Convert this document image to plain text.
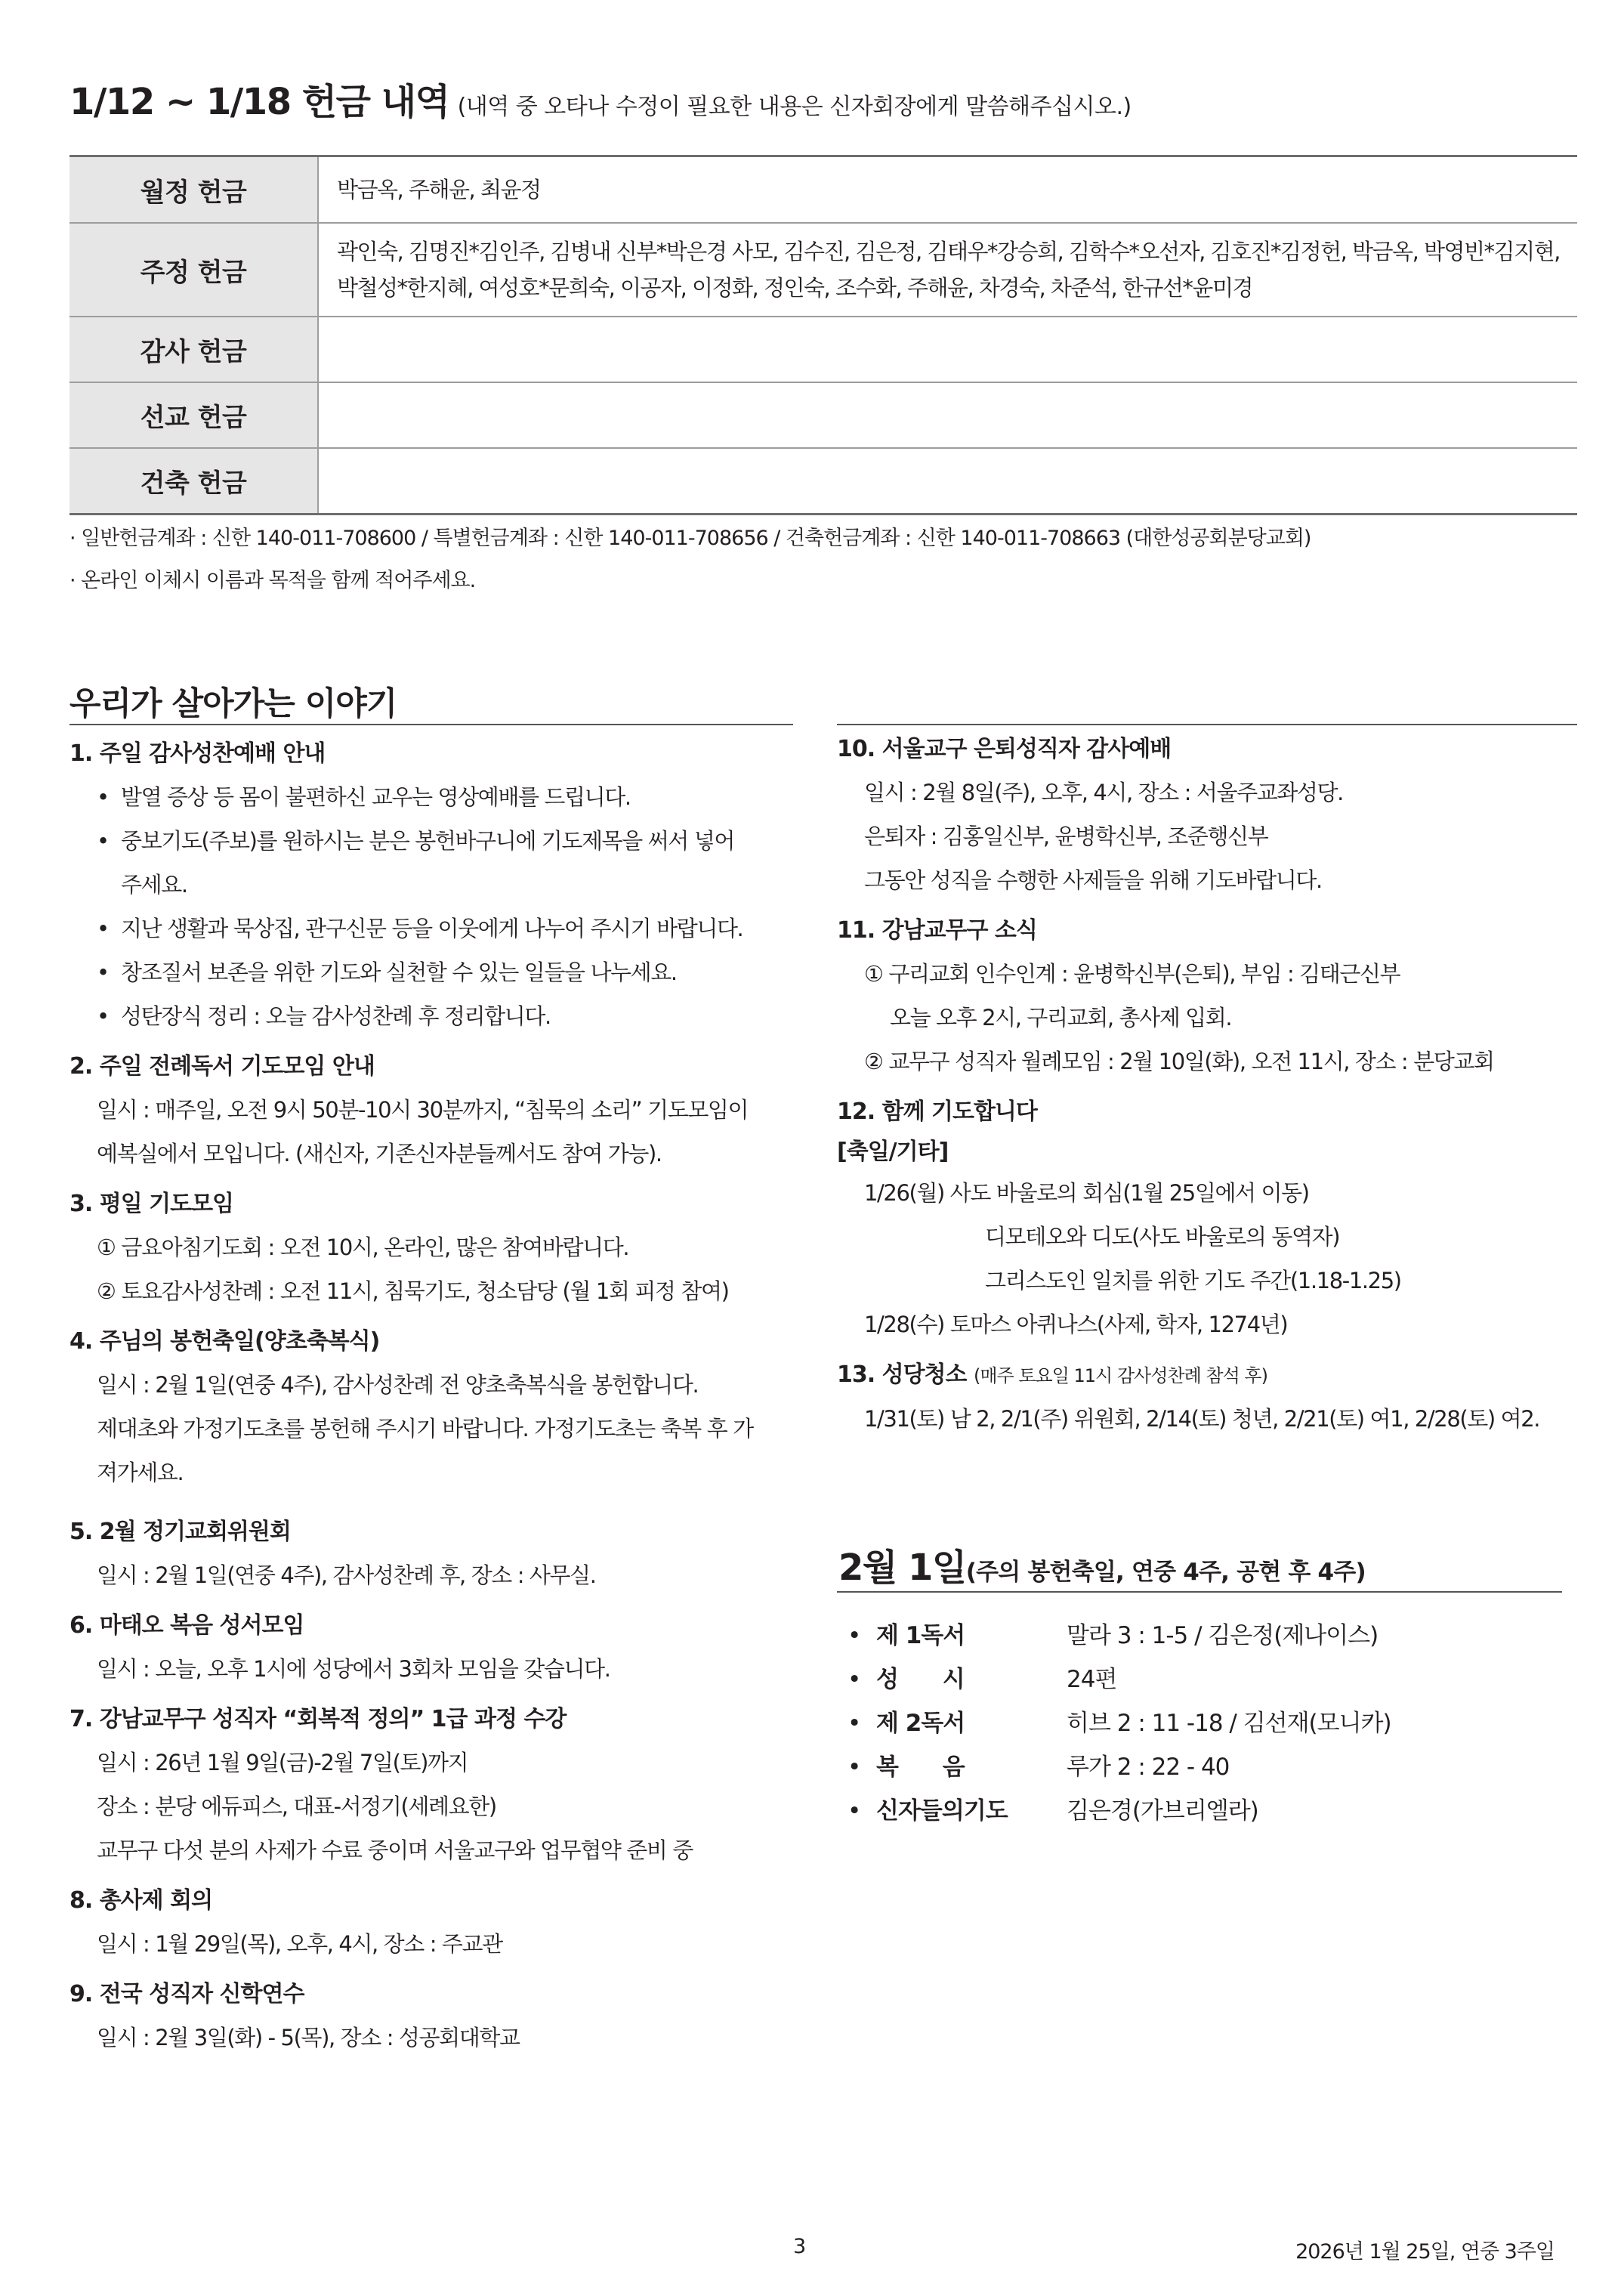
1/12 ~ 1/18 헌금 내역 (내역 중 오타나 수정이 필요한 내용은 신자회장에게 말씀해주십시오.)
월정 헌금	박금옥, 주해윤, 최윤정

주정 헌금	곽인숙, 김명진*김인주, 김병내 신부*박은경 사모, 김수진, 김은정, 김태우*강승희, 김학수*오선자, 김호진*김정헌, 박금옥, 박영빈*김지현,
박철성*한지혜, 여성호*문희숙, 이공자, 이정화, 정인숙, 조수화, 주해윤, 차경숙, 차준석, 한규선*윤미경

감사 헌금	
선교 헌금	
건축 헌금	
· 일반헌금계좌 : 신한 140-011-708600 / 특별헌금계좌 : 신한 140-011-708656 / 건축헌금계좌 : 신한 140-011-708663 (대한성공회분당교회)
· 온라인 이체시 이름과 목적을 함께 적어주세요.
우리가 살아가는 이야기
1. 주일 감사성찬예배 안내
• 발열 증상 등 몸이 불편하신 교우는 영상예배를 드립니다.
• 중보기도(주보)를 원하시는 분은 봉헌바구니에 기도제목을 써서 넣어
주세요.
• 지난 생활과 묵상집, 관구신문 등을 이웃에게 나누어 주시기 바랍니다.
• 창조질서 보존을 위한 기도와 실천할 수 있는 일들을 나누세요.
• 성탄장식 정리 : 오늘 감사성찬례 후 정리합니다.
2. 주일 전례독서 기도모임 안내
일시 : 매주일, 오전 9시 50분-10시 30분까지, “침묵의 소리” 기도모임이
예복실에서 모입니다. (새신자, 기존신자분들께서도 참여 가능).
3. 평일 기도모임
① 금요아침기도회 : 오전 10시, 온라인, 많은 참여바랍니다.
② 토요감사성찬례 : 오전 11시, 침묵기도, 청소담당 (월 1회 피정 참여)
4. 주님의 봉헌축일(양초축복식)
일시 : 2월 1일(연중 4주), 감사성찬례 전 양초축복식을 봉헌합니다.
제대초와 가정기도초를 봉헌해 주시기 바랍니다. 가정기도초는 축복 후 가
져가세요.
5. 2월 정기교회위원회
일시 : 2월 1일(연중 4주), 감사성찬례 후, 장소 : 사무실.
6. 마태오 복음 성서모임
일시 : 오늘, 오후 1시에 성당에서 3회차 모임을 갖습니다.
7. 강남교무구 성직자 “회복적 정의” 1급 과정 수강
일시 : 26년 1월 9일(금)-2월 7일(토)까지
장소 : 분당 에듀피스, 대표-서정기(세례요한)
교무구 다섯 분의 사제가 수료 중이며 서울교구와 업무협약 준비 중
8. 총사제 회의
일시 : 1월 29일(목), 오후, 4시, 장소 : 주교관
9. 전국 성직자 신학연수
일시 : 2월 3일(화) - 5(목), 장소 : 성공회대학교
10. 서울교구 은퇴성직자 감사예배
일시 : 2월 8일(주), 오후, 4시, 장소 : 서울주교좌성당.
은퇴자 : 김홍일신부, 윤병학신부, 조준행신부
그동안 성직을 수행한 사제들을 위해 기도바랍니다.
11. 강남교무구 소식
① 구리교회 인수인계 : 윤병학신부(은퇴), 부임 : 김태근신부
오늘 오후 2시, 구리교회, 총사제 입회.
② 교무구 성직자 월례모임 : 2월 10일(화), 오전 11시, 장소 : 분당교회
12. 함께 기도합니다
[축일/기타]
1/26(월) 사도 바울로의 회심(1월 25일에서 이동)
디모테오와 디도(사도 바울로의 동역자)
그리스도인 일치를 위한 기도 주간(1.18-1.25)
1/28(수) 토마스 아퀴나스(사제, 학자, 1274년)
13. 성당청소 (매주 토요일 11시 감사성찬례 참석 후)
1/31(토) 남 2, 2/1(주) 위원회, 2/14(토) 청년, 2/21(토) 여1, 2/28(토) 여2.
2월 1일(주의 봉헌축일, 연중 4주, 공현 후 4주)
• 제 1독서	말라 3 : 1-5 / 김은정(제나이스)
• 성      시	24편
• 제 2독서	히브 2 : 11 -18 / 김선재(모니카)
• 복      음	루가 2 : 22 - 40
• 신자들의기도	김은경(가브리엘라)
3	2026년 1월 25일, 연중 3주일
